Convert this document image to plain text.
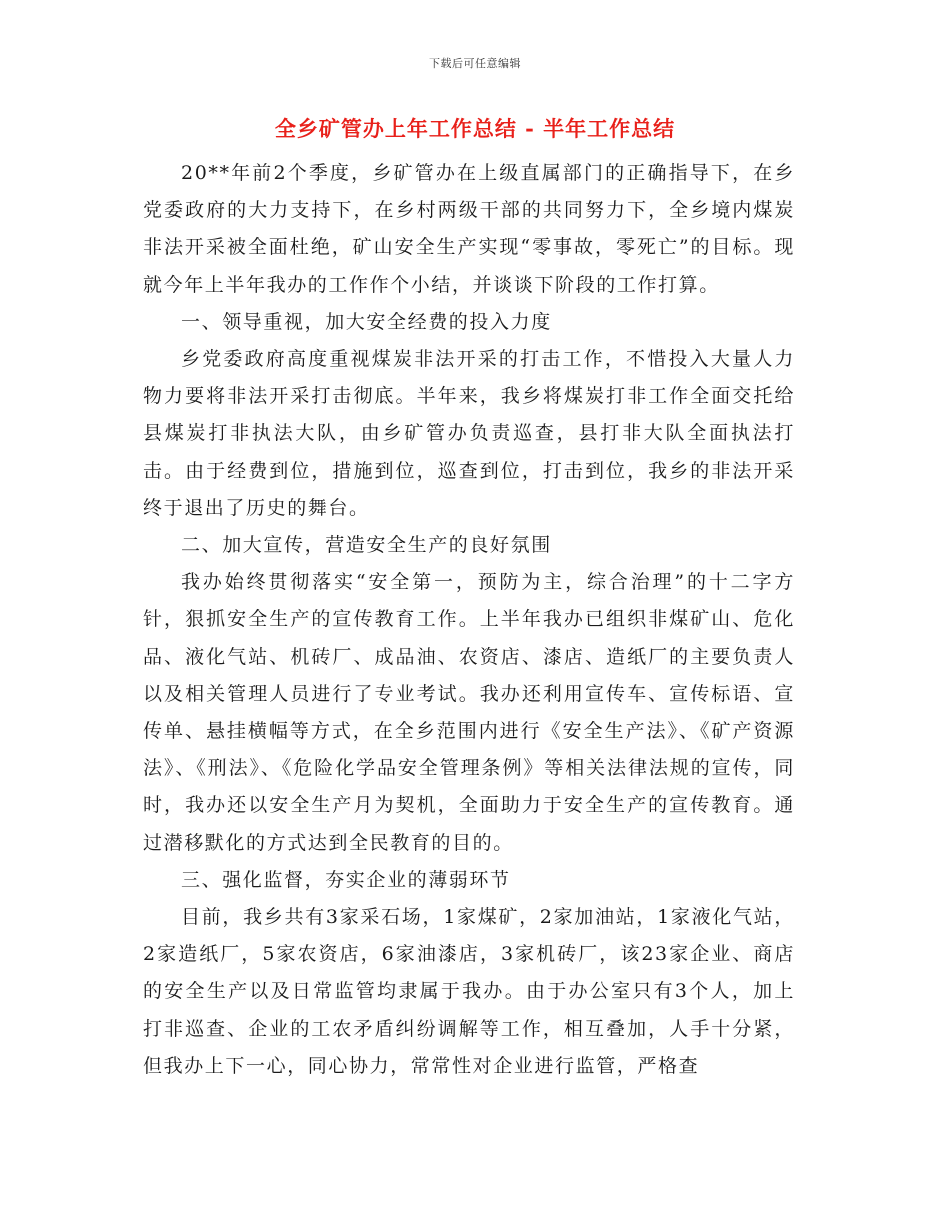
下载后可任意编辑
全乡矿管办上年工作总结 - 半年工作总结

20**年前2个季度，乡矿管办在上级直属部门的正确指导下，在乡党委政府的大力支持下，在乡村两级干部的共同努力下，全乡境内煤炭非法开采被全面杜绝，矿山安全生产实现“零事故，零死亡”的目标。现就今年上半年我办的工作作个小结，并谈谈下阶段的工作打算。

一、领导重视，加大安全经费的投入力度

乡党委政府高度重视煤炭非法开采的打击工作，不惜投入大量人力物力要将非法开采打击彻底。半年来，我乡将煤炭打非工作全面交托给县煤炭打非执法大队，由乡矿管办负责巡查，县打非大队全面执法打击。由于经费到位，措施到位，巡查到位，打击到位，我乡的非法开采终于退出了历史的舞台。

二、加大宣传，营造安全生产的良好氛围

我办始终贯彻落实“安全第一，预防为主，综合治理”的十二字方针，狠抓安全生产的宣传教育工作。上半年我办已组织非煤矿山、危化品、液化气站、机砖厂、成品油、农资店、漆店、造纸厂的主要负责人以及相关管理人员进行了专业考试。我办还利用宣传车、宣传标语、宣传单、悬挂横幅等方式，在全乡范围内进行《安全生产法》、《矿产资源法》、《刑法》、《危险化学品安全管理条例》等相关法律法规的宣传，同时，我办还以安全生产月为契机，全面助力于安全生产的宣传教育。通过潜移默化的方式达到全民教育的目的。

三、强化监督，夯实企业的薄弱环节

目前，我乡共有3家采石场，1家煤矿，2家加油站，1家液化气站，2家造纸厂，5家农资店，6家油漆店，3家机砖厂，该23家企业、商店的安全生产以及日常监管均隶属于我办。由于办公室只有3个人，加上打非巡查、企业的工农矛盾纠纷调解等工作，相互叠加，人手十分紧，但我办上下一心，同心协力，常常性对企业进行监管，严格查
